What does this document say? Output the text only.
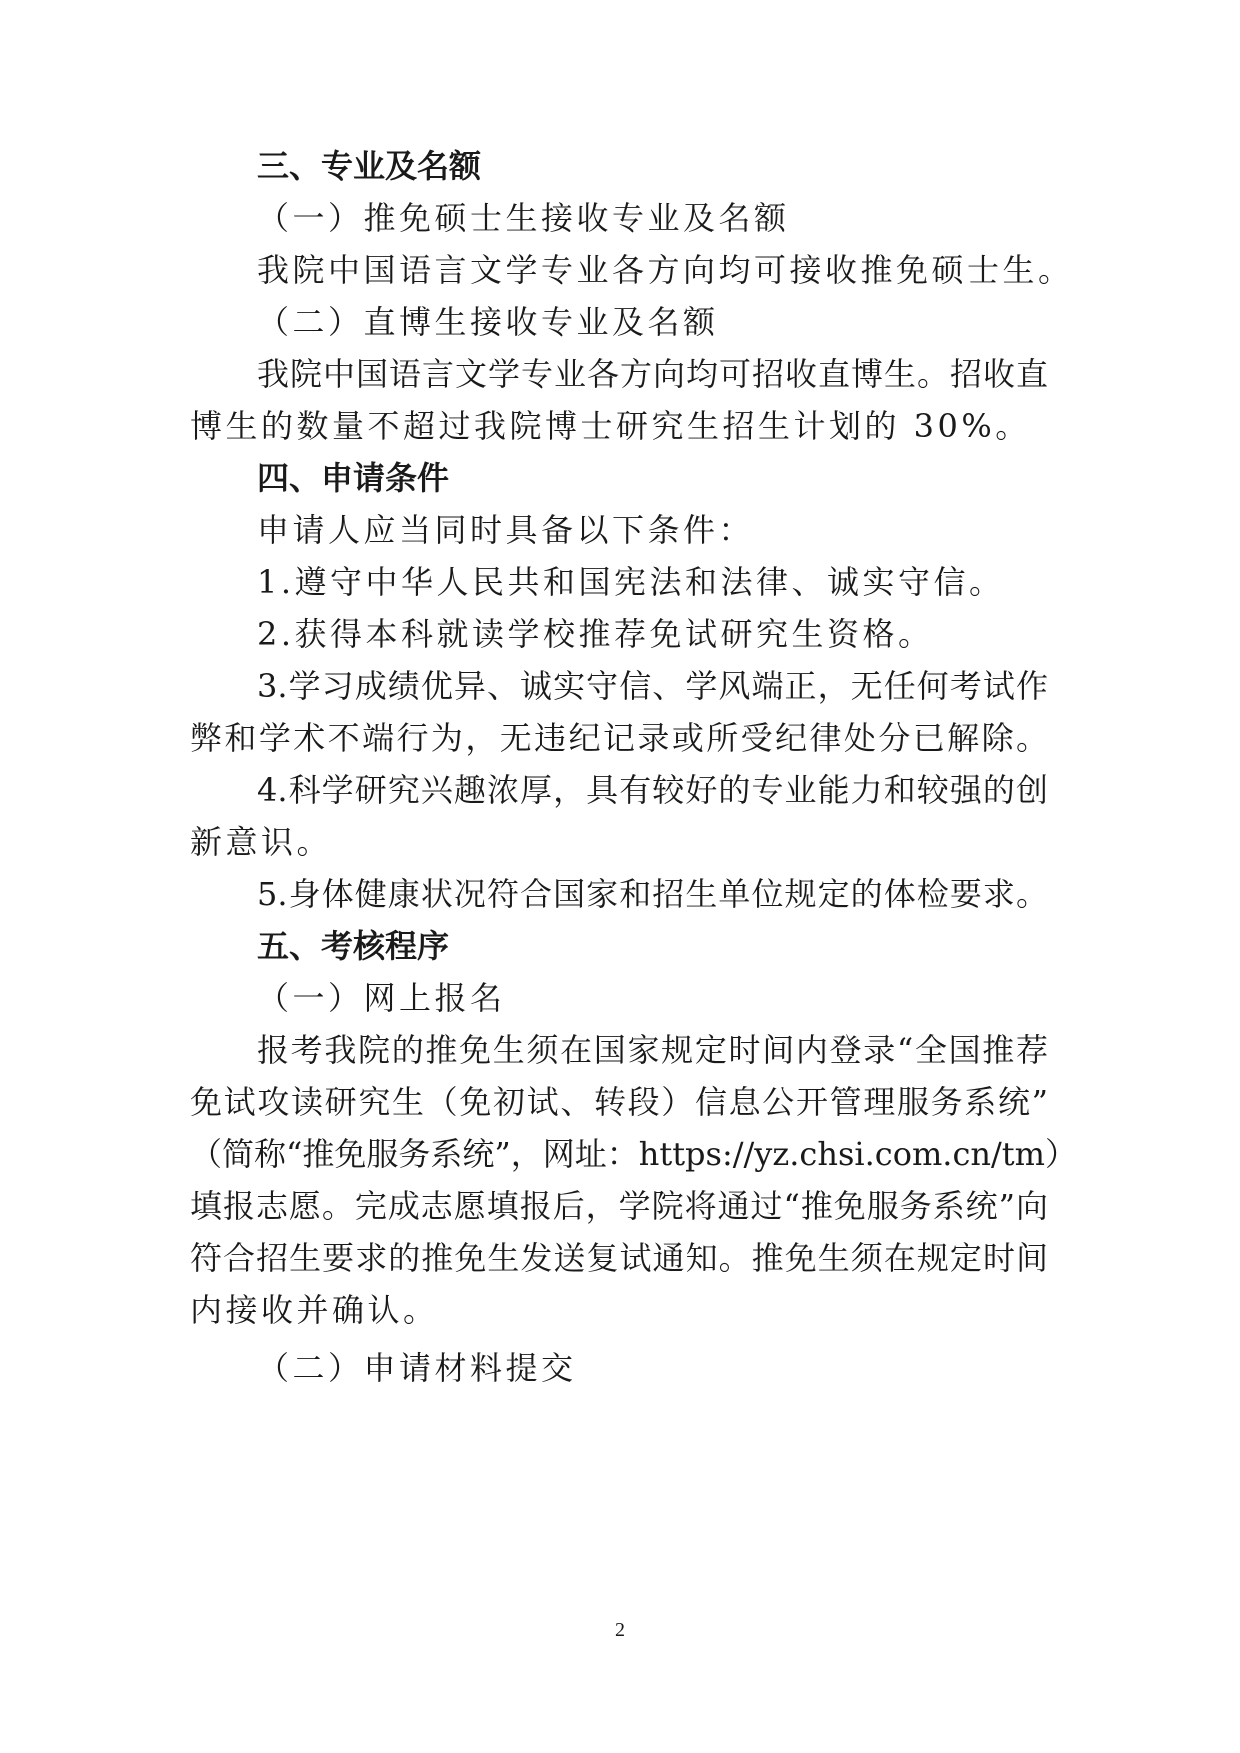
三、专业及名额
（一）推免硕士生接收专业及名额
我院中国语言文学专业各方向均可接收推免硕士生。
（二）直博生接收专业及名额
我院中国语言文学专业各方向均可招收直博生。招收直
博生的数量不超过我院博士研究生招生计划的 30%。
四、申请条件
申请人应当同时具备以下条件：
1.遵守中华人民共和国宪法和法律、诚实守信。
2.获得本科就读学校推荐免试研究生资格。
3.学习成绩优异、诚实守信、学风端正，无任何考试作
弊和学术不端行为，无违纪记录或所受纪律处分已解除。
4.科学研究兴趣浓厚，具有较好的专业能力和较强的创
新意识。
5.身体健康状况符合国家和招生单位规定的体检要求。
五、考核程序
（一）网上报名
报考我院的推免生须在国家规定时间内登录“全国推荐
免试攻读研究生（免初试、转段）信息公开管理服务系统”
（简称“推免服务系统”，网址：https://yz.chsi.com.cn/tm）
填报志愿。完成志愿填报后，学院将通过“推免服务系统”向
符合招生要求的推免生发送复试通知。推免生须在规定时间
内接收并确认。
（二）申请材料提交
2
